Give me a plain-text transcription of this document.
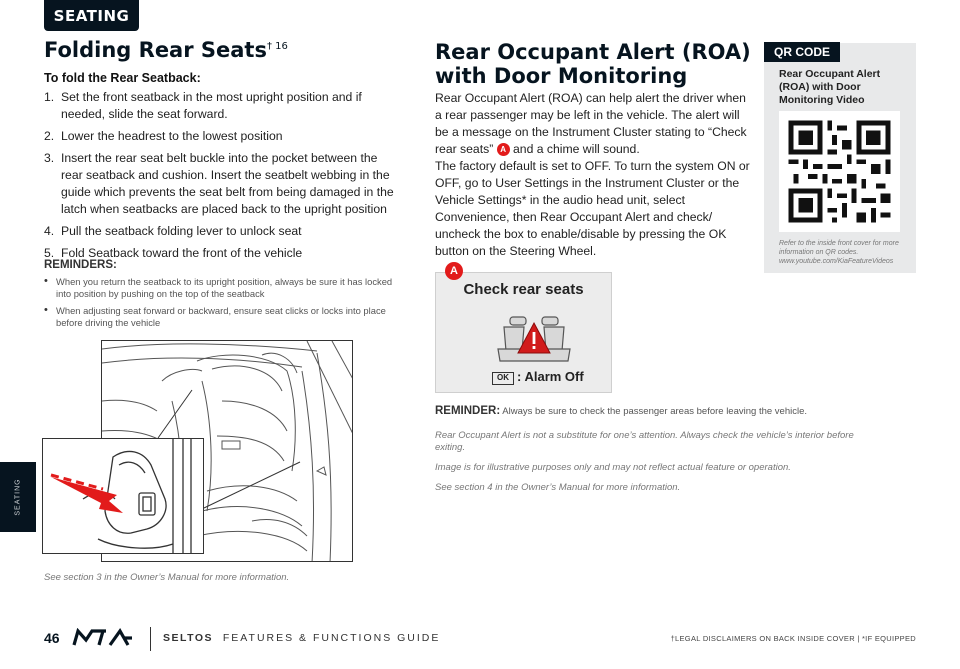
SEATING
SEATING
Folding Rear Seats$^{\dagger 16}$
To fold the Rear Seatback:
1. Set the front seatback in the most upright position and if needed, slide the seat forward.
2. Lower the headrest to the lowest position
3. Insert the rear seat belt buckle into the pocket between the rear seatback and cushion. Insert the seatbelt webbing in the guide which prevents the seat belt from being damaged in the latch when seatbacks are placed back to the upright position
4. Pull the seatback folding lever to unlock seat
5. Fold Seatback toward the front of the vehicle
REMINDERS:
• When you return the seatback to its upright position, always be sure it has locked into position by pushing on the top of the seatback
• When adjusting seat forward or backward, ensure seat clicks or locks into place before driving the vehicle
See section 3 in the Owner’s Manual for more information.
Rear Occupant Alert (ROA)
with Door Monitoring

Rear Occupant Alert (ROA) can help alert the driver when a rear passenger may be left in the vehicle. The alert will be a message on the Instrument Cluster stating to “Check rear seats” A and a chime will sound.

The factory default is set to OFF. To turn the system ON or OFF, go to User Settings in the Instrument Cluster or the Vehicle Settings* in the audio head unit, select Convenience, then Rear Occupant Alert and check/ uncheck the box to enable/disable by pressing the OK button on the Steering Wheel.

Check rear seats
OK : Alarm Off
A
REMINDER: Always be sure to check the passenger areas before leaving the vehicle.
Rear Occupant Alert is not a substitute for one’s attention. Always check the vehicle’s interior before exiting.
Image is for illustrative purposes only and may not reflect actual feature or operation.
See section 4 in the Owner’s Manual for more information.
QR CODE
Rear Occupant Alert (ROA) with Door Monitoring Video
Refer to the inside front cover for more information on QR codes. www.youtube.com/KiaFeatureVideos
46	SELTOS FEATURES & FUNCTIONS GUIDE	†LEGAL DISCLAIMERS ON BACK INSIDE COVER | *IF EQUIPPED
